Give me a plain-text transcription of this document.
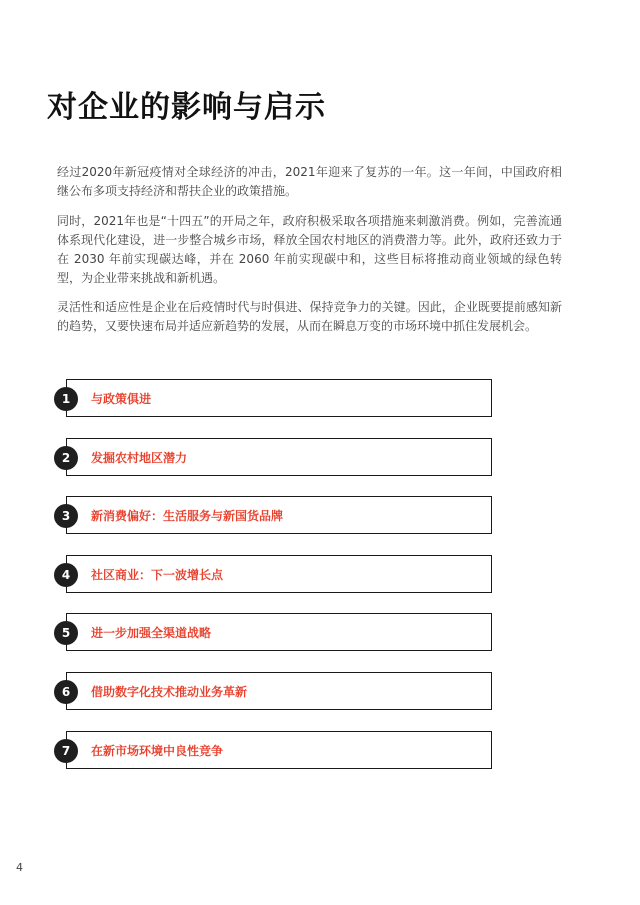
对企业的影响与启示

经过2020年新冠疫情对全球经济的冲击，2021年迎来了复苏的一年。这一年间，中国政府相继公布多项支持经济和帮扶企业的政策措施。

同时，2021年也是“十四五”的开局之年，政府积极采取各项措施来刺激消费。例如，完善流通体系现代化建设，进一步整合城乡市场，释放全国农村地区的消费潜力等。此外，政府还致力于在 2030 年前实现碳达峰，并在 2060 年前实现碳中和，这些目标将推动商业领域的绿色转型，为企业带来挑战和新机遇。

灵活性和适应性是企业在后疫情时代与时俱进、保持竞争力的关键。因此，企业既要提前感知新的趋势，又要快速布局并适应新趋势的发展，从而在瞬息万变的市场环境中抓住发展机会。

1	与政策俱进
2	发掘农村地区潜力
3	新消费偏好：生活服务与新国货品牌
4	社区商业：下一波增长点
5	进一步加强全渠道战略
6	借助数字化技术推动业务革新
7	在新市场环境中良性竞争
4
